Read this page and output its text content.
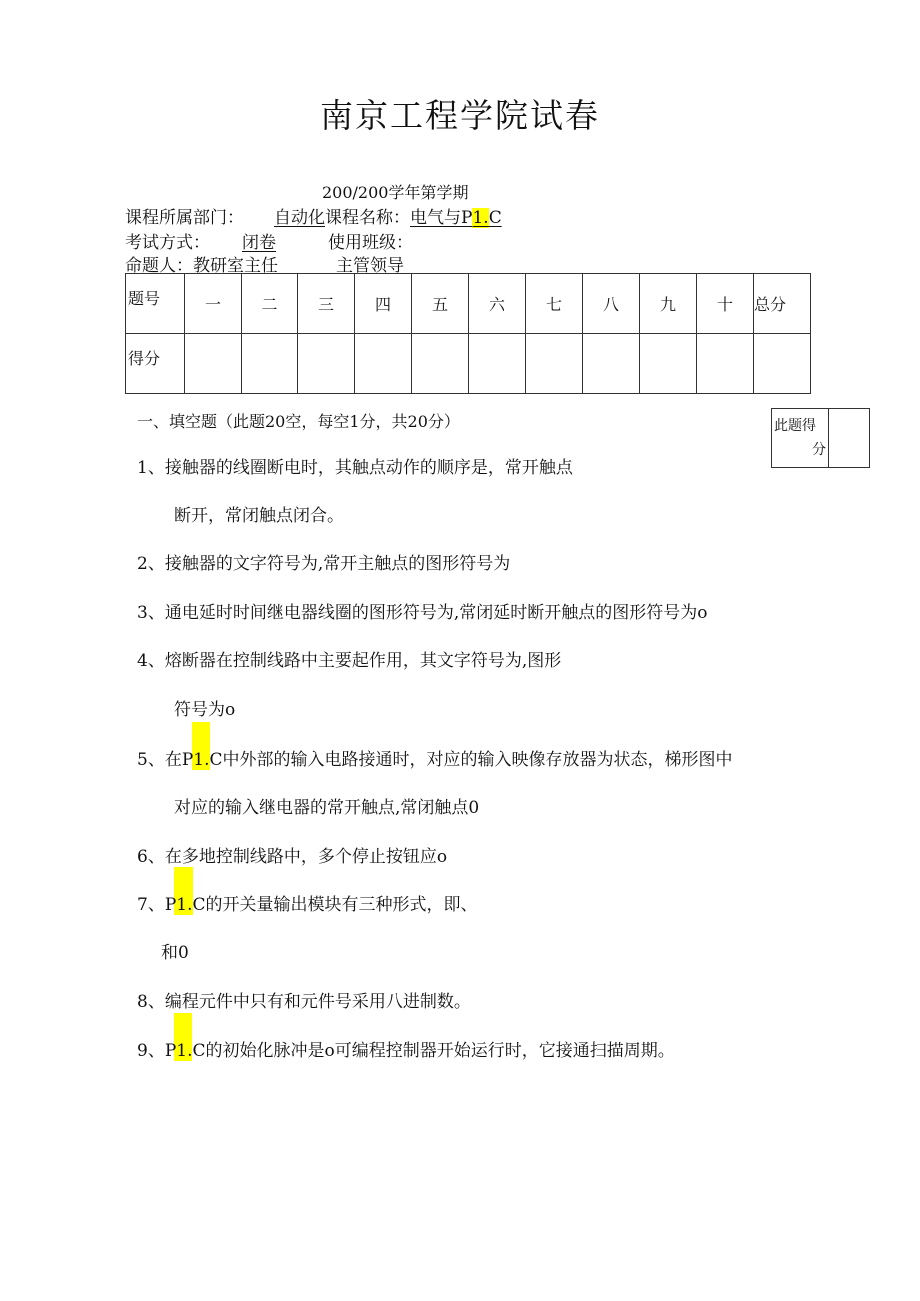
南京工程学院试春
200/200学年第学期
课程所属部门： 自动化课程名称：电气与P1.C
考试方式： 闭卷	使用班级：
命题人：教研室主任	主管领导
题号	一	二	三	四	五	六	七	八	九	十	总分
得分											
一、填空题（此题20空，每空1分，共20分）	此题得
分

1、接触器的线圈断电时，其触点动作的顺序是，常开触点
断开，常闭触点闭合。
2、接触器的文字符号为,常开主触点的图形符号为
3、通电延时时间继电器线圈的图形符号为,常闭延时断开触点的图形符号为o
4、熔断器在控制线路中主要起作用，其文字符号为,图形
符号为o
5、在P1.C中外部的输入电路接通时，对应的输入映像存放器为状态，梯形图中
对应的输入继电器的常开触点,常闭触点0
6、在多地控制线路中，多个停止按钮应o
7、P1.C的开关量输出模块有三种形式，即、
和0
8、编程元件中只有和元件号采用八进制数。
9、P1.C的初始化脉冲是o可编程控制器开始运行时，它接通扫描周期。
